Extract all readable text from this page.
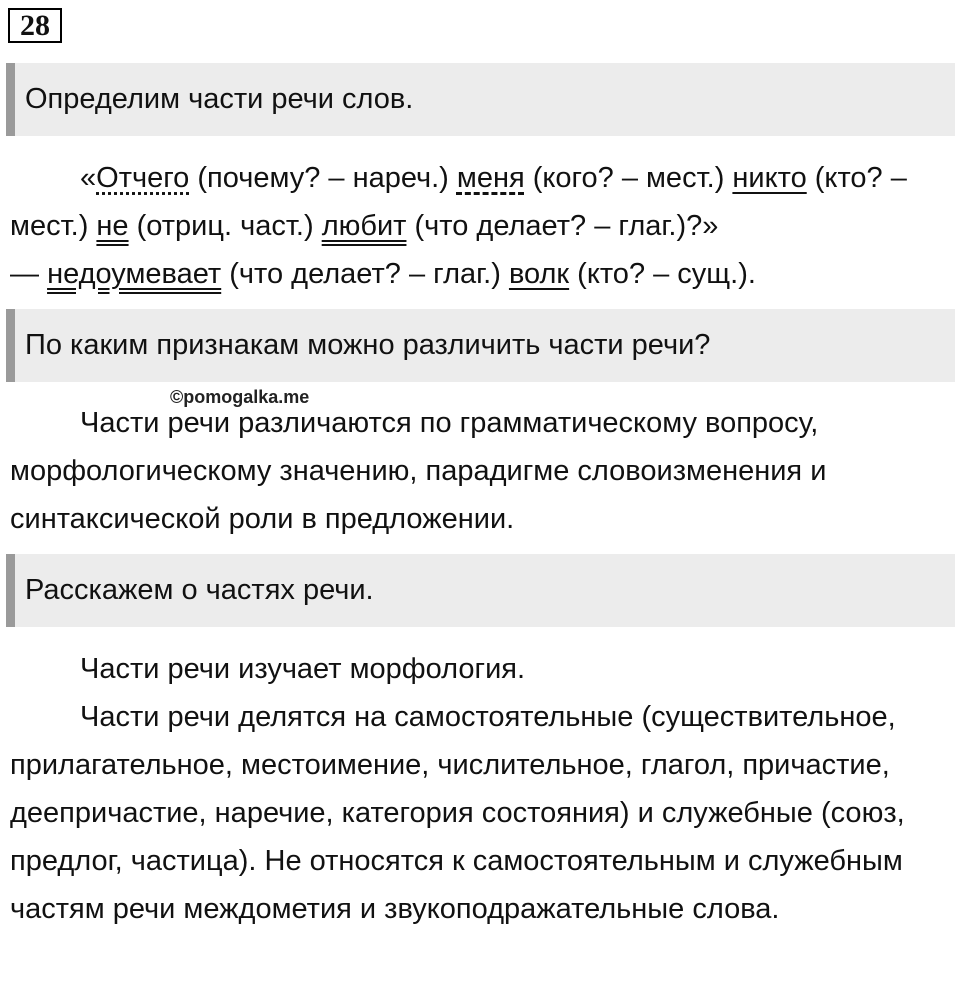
28
Определим части речи слов.

«Отчего (почему? – нареч.) меня (кого? – мест.) никто (кто? – мест.) не (отриц. част.) любит (что делает? – глаг.)?»
— недоумевает (что делает? – глаг.) волк (кто? – сущ.).

По каким признакам можно различить части речи?
©pomogalka.me

Части речи различаются по грамматическому вопросу, морфологическому значению, парадигме словоизменения и синтаксической роли в предложении.

Расскажем о частях речи.

Части речи изучает морфология.

Части речи делятся на самостоятельные (существительное, прилагательное, местоимение, числительное, глагол, причастие, деепричастие, наречие, категория состояния) и служебные (союз, предлог, частица). Не относятся к самостоятельным и служебным частям речи междометия и звукоподражательные слова.
